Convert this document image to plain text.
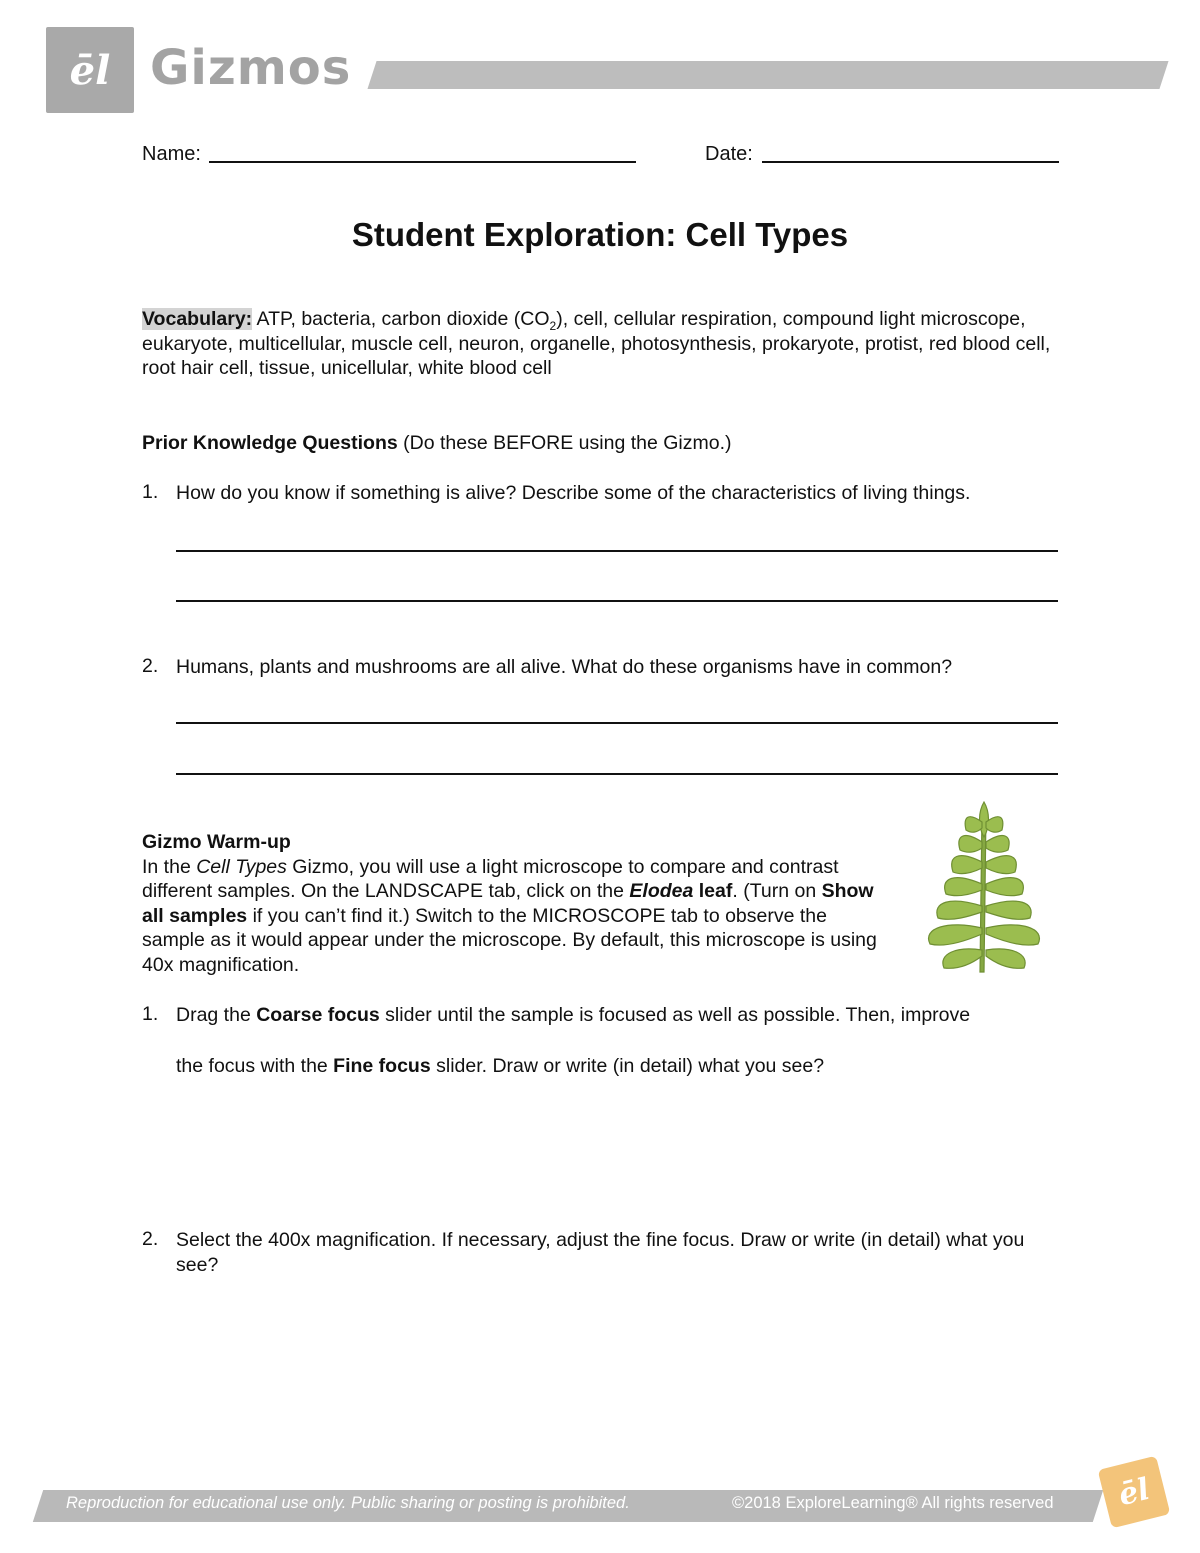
ēl Gizmos
Name:	Date:
Student Exploration: Cell Types
Vocabulary: ATP, bacteria, carbon dioxide $(CO_2)$, cell, cellular respiration, compound light microscope, eukaryote, multicellular, muscle cell, neuron, organelle, photosynthesis, prokaryote, protist, red blood cell, root hair cell, tissue, unicellular, white blood cell
Prior Knowledge Questions (Do these BEFORE using the Gizmo.)
1. How do you know if something is alive? Describe some of the characteristics of living things.
2. Humans, plants and mushrooms are all alive. What do these organisms have in common?
Gizmo Warm-up
In the Cell Types Gizmo, you will use a light microscope to compare and contrast different samples. On the LANDSCAPE tab, click on the Elodea leaf. (Turn on Show all samples if you can’t find it.) Switch to the MICROSCOPE tab to observe the sample as it would appear under the microscope. By default, this microscope is using 40x magnification.
1. Drag the Coarse focus slider until the sample is focused as well as possible. Then, improve
the focus with the Fine focus slider. Draw or write (in detail) what you see?
2. Select the 400x magnification. If necessary, adjust the fine focus. Draw or write (in detail) what you see?
Reproduction for educational use only. Public sharing or posting is prohibited.	©2018 ExploreLearning® All rights reserved ēl
